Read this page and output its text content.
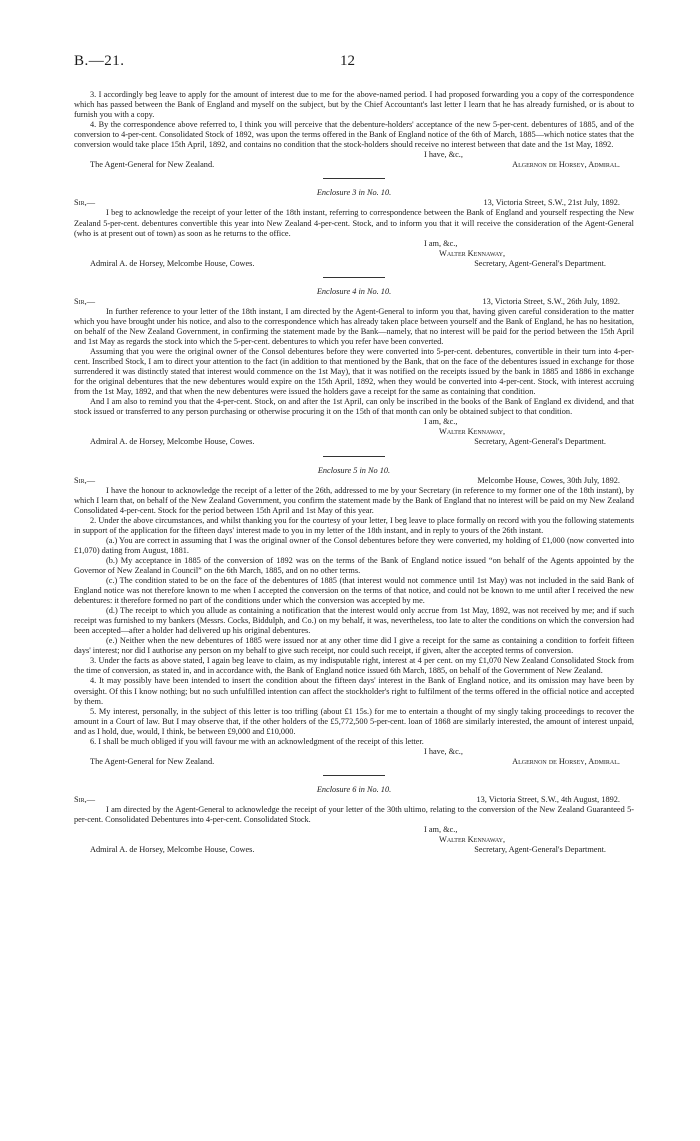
B.—21.	12

3. I accordingly beg leave to apply for the amount of interest due to me for the above-named period. I had proposed forwarding you a copy of the correspondence which has passed between the Bank of England and myself on the subject, but by the Chief Accountant's last letter I learn that he has already furnished, or is about to furnish you with a copy.

4. By the correspondence above referred to, I think you will perceive that the debenture-holders' acceptance of the new 5-per-cent. debentures of 1885, and of the conversion to 4-per-cent. Consolidated Stock of 1892, was upon the terms offered in the Bank of England notice of the 6th of March, 1885—which notice states that the conversion would take place 15th April, 1892, and contains no condition that the stock-holders should receive no interest between that date and the 1st May, 1892.

I have, &c.,

The Agent-General for New Zealand.	Algernon de Horsey, Admiral.

Enclosure 3 in No. 10.

Sir,—	13, Victoria Street, S.W., 21st July, 1892.

I beg to acknowledge the receipt of your letter of the 18th instant, referring to correspondence between the Bank of England and yourself respecting the New Zealand 5-per-cent. debentures convertible this year into New Zealand 4-per-cent. Stock, and to inform you that it will receive the consideration of the Agent-General (who is at present out of town) as soon as he returns to the office.

I am, &c.,

Walter Kennaway,

Admiral A. de Horsey, Melcombe House, Cowes.	Secretary, Agent-General's Department.

Enclosure 4 in No. 10.

Sir,—	13, Victoria Street, S.W., 26th July, 1892.

In further reference to your letter of the 18th instant, I am directed by the Agent-General to inform you that, having given careful consideration to the matter which you have brought under his notice, and also to the correspondence which has already taken place between yourself and the Bank of England, he has no hesitation, on behalf of the New Zealand Government, in confirming the statement made by the Bank—namely, that no interest will be paid for the period between the 15th April and 1st May as regards the stock into which the 5-per-cent. debentures to which you refer have been converted.

Assuming that you were the original owner of the Consol debentures before they were converted into 5-per-cent. debentures, convertible in their turn into 4-per-cent. Inscribed Stock, I am to direct your attention to the fact (in addition to that mentioned by the Bank, that on the face of the debentures issued in exchange for those surrendered it was distinctly stated that interest would commence on the 1st May), that it was notified on the receipts issued by the bank in 1885 and 1886 in exchange for the original debentures that the new debentures would expire on the 15th April, 1892, when they would be converted into 4-per-cent. Stock, with interest accruing from the 1st May, 1892, and that when the new debentures were issued the holders gave a receipt for the same as containing that condition.

And I am also to remind you that the 4-per-cent. Stock, on and after the 1st April, can only be inscribed in the books of the Bank of England ex dividend, and that stock issued or transferred to any person purchasing or otherwise procuring it on the 15th of that month can only be obtained subject to that condition.

I am, &c.,

Walter Kennaway,

Admiral A. de Horsey, Melcombe House, Cowes.	Secretary, Agent-General's Department.

Enclosure 5 in No 10.

Sir,—	Melcombe House, Cowes, 30th July, 1892.

I have the honour to acknowledge the receipt of a letter of the 26th, addressed to me by your Secretary (in reference to my former one of the 18th instant), by which I learn that, on behalf of the New Zealand Government, you confirm the statement made by the Bank of England that no interest will be paid on my New Zealand Consolidated 4-per-cent. Stock for the period between 15th April and 1st May of this year.

2. Under the above circumstances, and whilst thanking you for the courtesy of your letter, I beg leave to place formally on record with you the following statements in support of the application for the fifteen days' interest made to you in my letter of the 18th instant, and in reply to yours of the 26th instant.

(a.) You are correct in assuming that I was the original owner of the Consol debentures before they were converted, my holding of £1,000 (now converted into £1,070) dating from August, 1881.

(b.) My acceptance in 1885 of the conversion of 1892 was on the terms of the Bank of England notice issued “on behalf of the Agents appointed by the Governor of New Zealand in Council” on the 6th March, 1885, and on no other terms.

(c.) The condition stated to be on the face of the debentures of 1885 (that interest would not commence until 1st May) was not included in the said Bank of England notice was not therefore known to me when I accepted the conversion on the terms of that notice, and could not be known to me until after I received the new debentures: it therefore formed no part of the conditions under which the conversion was accepted by me.

(d.) The receipt to which you allude as containing a notification that the interest would only accrue from 1st May, 1892, was not received by me; and if such receipt was furnished to my bankers (Messrs. Cocks, Biddulph, and Co.) on my behalf, it was, nevertheless, too late to alter the conditions on which the conversion had been accepted—after a holder had delivered up his original debentures.

(e.) Neither when the new debentures of 1885 were issued nor at any other time did I give a receipt for the same as containing a condition to forfeit fifteen days' interest; nor did I authorise any person on my behalf to give such receipt, nor could such receipt, if given, alter the accepted terms of conversion.

3. Under the facts as above stated, I again beg leave to claim, as my indisputable right, interest at 4 per cent. on my £1,070 New Zealand Consolidated Stock from the time of conversion, as stated in, and in accordance with, the Bank of England notice issued 6th March, 1885, on behalf of the Government of New Zealand.

4. It may possibly have been intended to insert the condition about the fifteen days' interest in the Bank of England notice, and its omission may have been by oversight. Of this I know nothing; but no such unfulfilled intention can affect the stockholder's right to fulfilment of the terms offered in the official notice and accepted by them.

5. My interest, personally, in the subject of this letter is too trifling (about £1 15s.) for me to entertain a thought of my singly taking proceedings to recover the amount in a Court of law. But I may observe that, if the other holders of the £5,772,500 5-per-cent. loan of 1868 are similarly interested, the amount of interest unpaid, and as I hold, due, would, I think, be between £9,000 and £10,000.

6. I shall be much obliged if you will favour me with an acknowledgment of the receipt of this letter.

I have, &c.,

The Agent-General for New Zealand.	Algernon de Horsey, Admiral.

Enclosure 6 in No. 10.

Sir,—	13, Victoria Street, S.W., 4th August, 1892.

I am directed by the Agent-General to acknowledge the receipt of your letter of the 30th ultimo, relating to the conversion of the New Zealand Guaranteed 5-per-cent. Consolidated Debentures into 4-per-cent. Consolidated Stock.

I am, &c.,

Walter Kennaway,

Admiral A. de Horsey, Melcombe House, Cowes.	Secretary, Agent-General's Department.
